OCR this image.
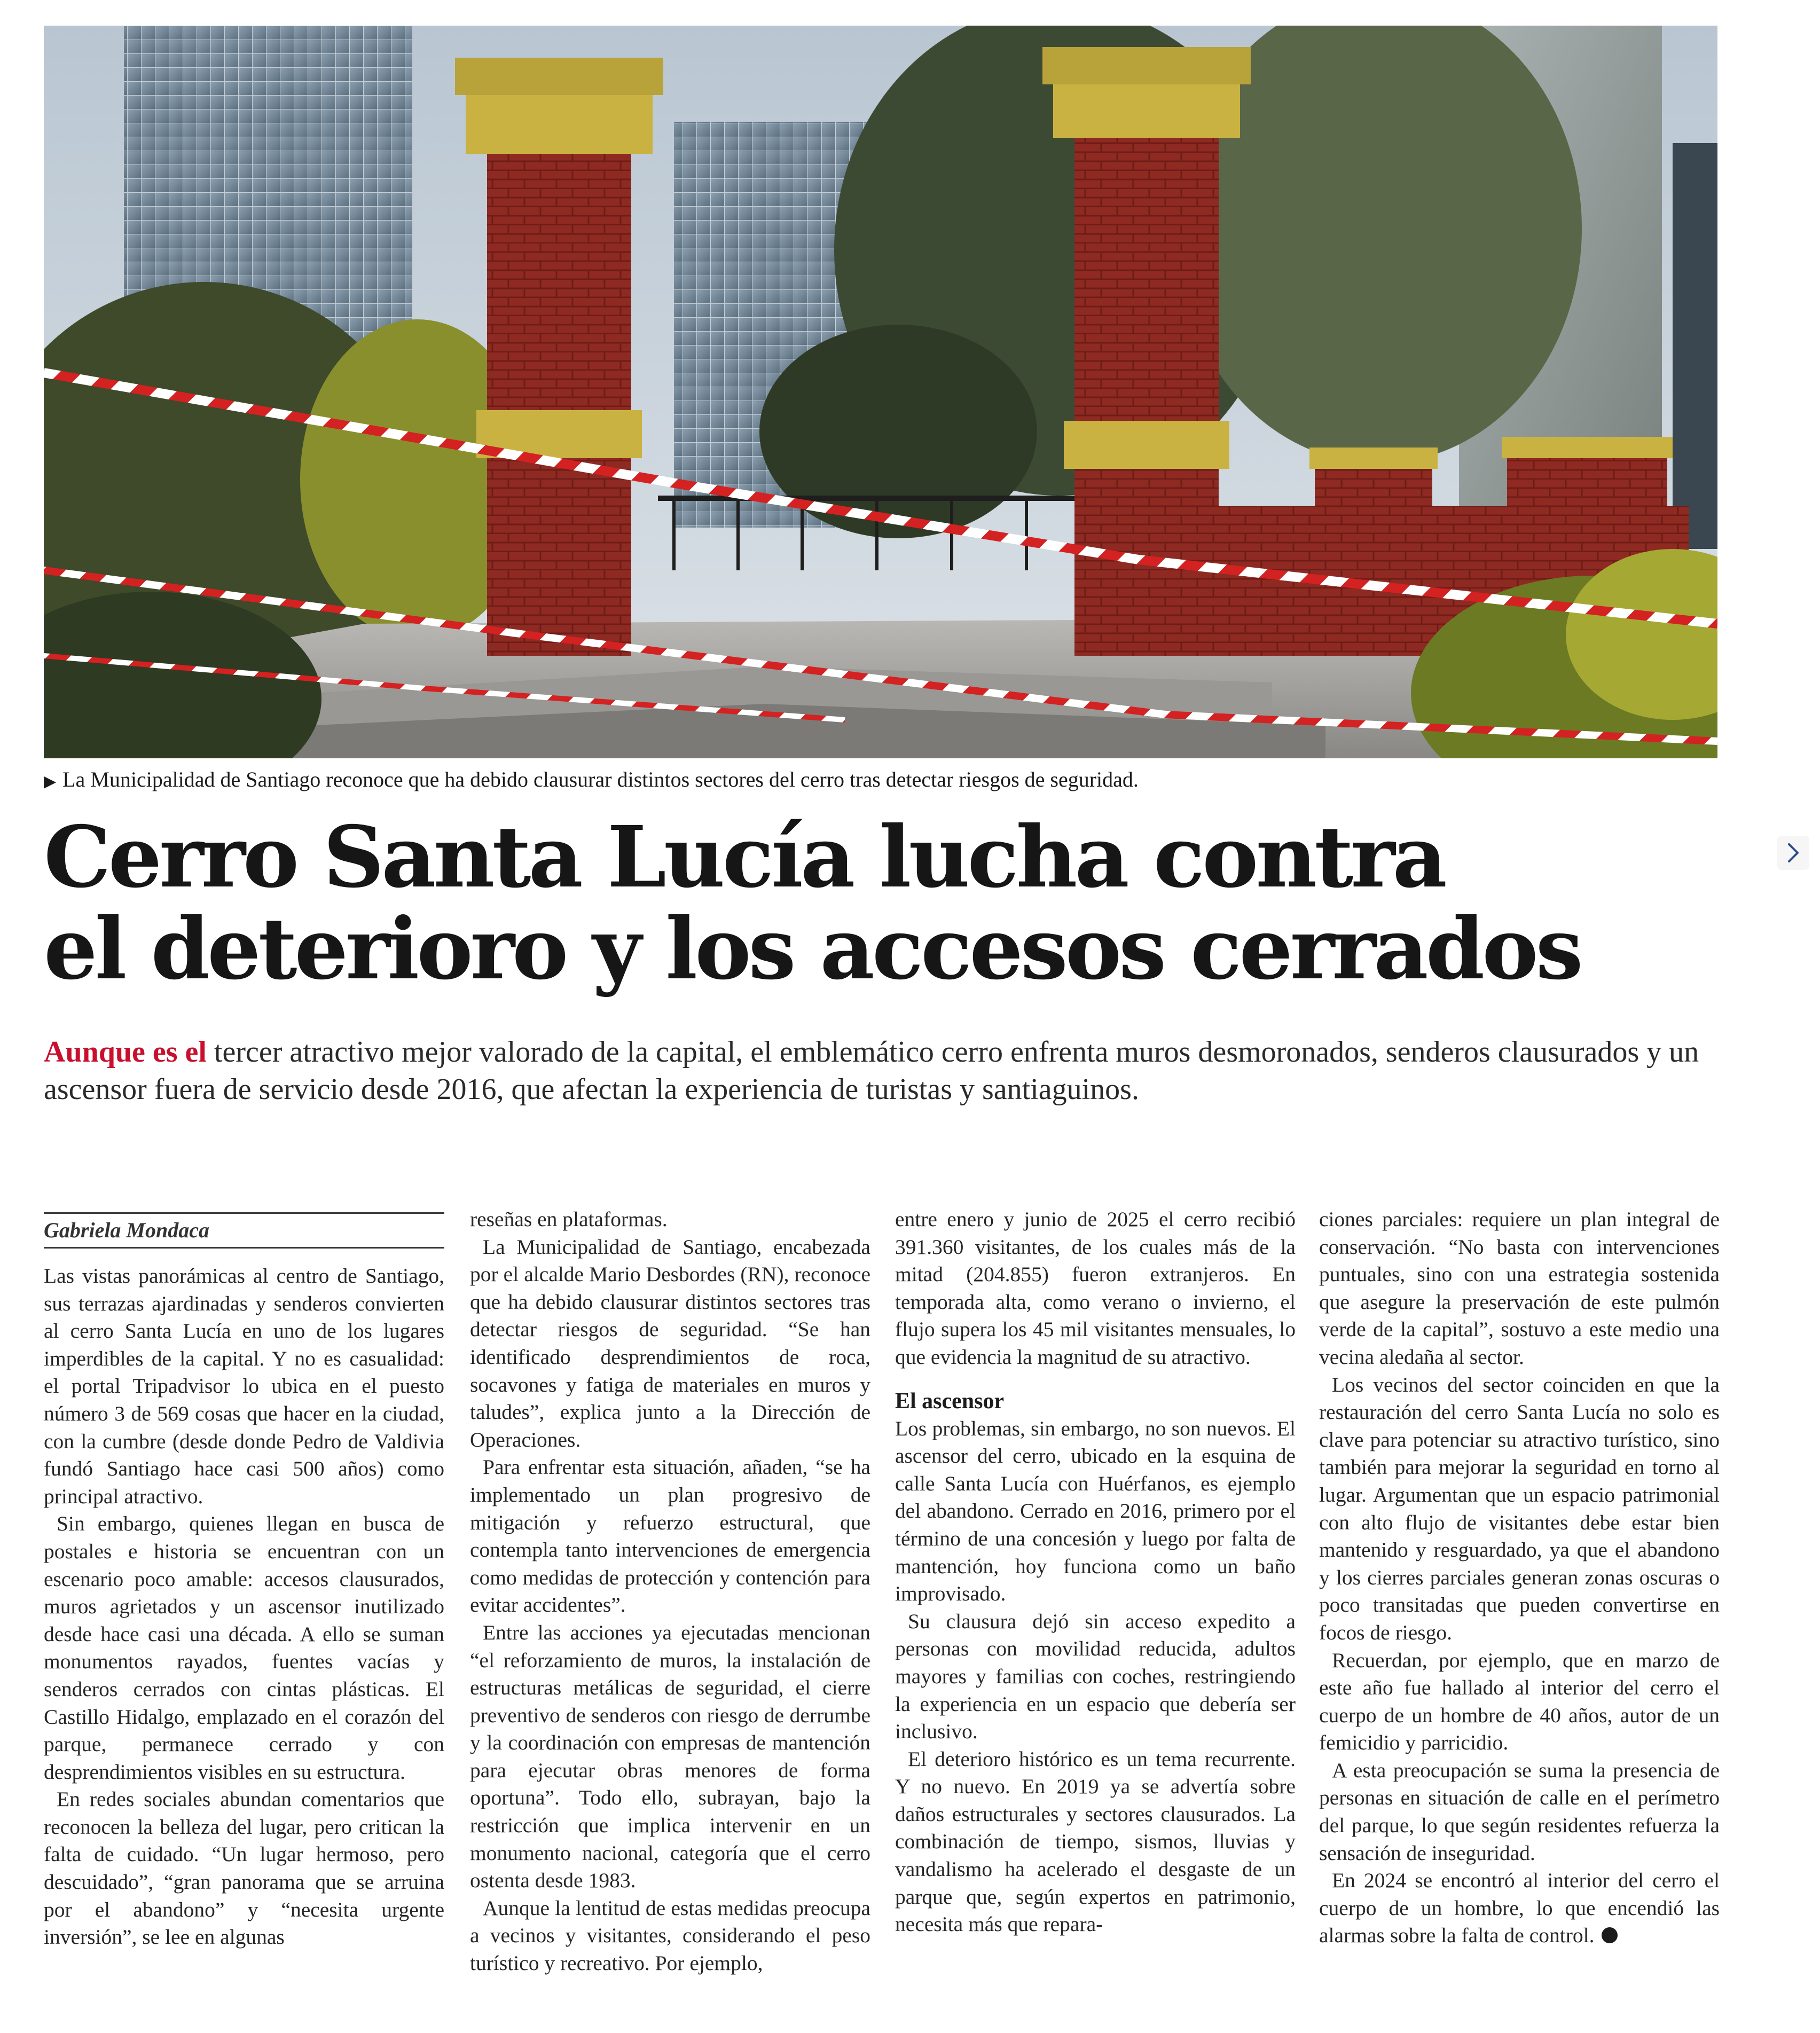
▶ La Municipalidad de Santiago reconoce que ha debido clausurar distintos sectores del cerro tras detectar riesgos de seguridad.
Cerro Santa Lucía lucha contra
el deterioro y los accesos cerrados
Aunque es el tercer atractivo mejor valorado de la capital, el emblemático cerro enfrenta muros desmoronados, senderos clausurados y un ascensor fuera de servicio desde 2016, que afectan la experiencia de turistas y santiaguinos.
Gabriela Mondaca

Las vistas panorámicas al centro de Santiago, sus terrazas ajardinadas y senderos convierten al cerro Santa Lucía en uno de los lugares imperdibles de la capital. Y no es casualidad: el portal Tripadvisor lo ubica en el puesto número 3 de 569 cosas que hacer en la ciudad, con la cumbre (desde donde Pedro de Valdivia fundó Santiago hace casi 500 años) como principal atractivo.

Sin embargo, quienes llegan en busca de postales e historia se encuentran con un escenario poco amable: accesos clausurados, muros agrietados y un ascensor inutilizado desde hace casi una década. A ello se suman monumentos rayados, fuentes vacías y senderos cerrados con cintas plásticas. El Castillo Hidalgo, emplazado en el corazón del parque, permanece cerrado y con desprendimientos visibles en su estructura.

En redes sociales abundan comentarios que reconocen la belleza del lugar, pero critican la falta de cuidado. “Un lugar hermoso, pero descuidado”, “gran panorama que se arruina por el abandono” y “necesita urgente inversión”, se lee en algunas

reseñas en plataformas.

La Municipalidad de Santiago, encabezada por el alcalde Mario Desbordes (RN), reconoce que ha debido clausurar distintos sectores tras detectar riesgos de seguridad. “Se han identificado desprendimientos de roca, socavones y fatiga de materiales en muros y taludes”, explica junto a la Dirección de Operaciones.

Para enfrentar esta situación, añaden, “se ha implementado un plan progresivo de mitigación y refuerzo estructural, que contempla tanto intervenciones de emergencia como medidas de protección y contención para evitar accidentes”.

Entre las acciones ya ejecutadas mencionan “el reforzamiento de muros, la instalación de estructuras metálicas de seguridad, el cierre preventivo de senderos con riesgo de derrumbe y la coordinación con empresas de mantención para ejecutar obras menores de forma oportuna”. Todo ello, subrayan, bajo la restricción que implica intervenir en un monumento nacional, categoría que el cerro ostenta desde 1983.

Aunque la lentitud de estas medidas preocupa a vecinos y visitantes, considerando el peso turístico y recreativo. Por ejemplo,

entre enero y junio de 2025 el cerro recibió 391.360 visitantes, de los cuales más de la mitad (204.855) fueron extranjeros. En temporada alta, como verano o invierno, el flujo supera los 45 mil visitantes mensuales, lo que evidencia la magnitud de su atractivo.

El ascensor

Los problemas, sin embargo, no son nuevos. El ascensor del cerro, ubicado en la esquina de calle Santa Lucía con Huérfanos, es ejemplo del abandono. Cerrado en 2016, primero por el término de una concesión y luego por falta de mantención, hoy funciona como un baño improvisado.

Su clausura dejó sin acceso expedito a personas con movilidad reducida, adultos mayores y familias con coches, restringiendo la experiencia en un espacio que debería ser inclusivo.

El deterioro histórico es un tema recurrente. Y no nuevo. En 2019 ya se advertía sobre daños estructurales y sectores clausurados. La combinación de tiempo, sismos, lluvias y vandalismo ha acelerado el desgaste de un parque que, según expertos en patrimonio, necesita más que repara-

ciones parciales: requiere un plan integral de conservación. “No basta con intervenciones puntuales, sino con una estrategia sostenida que asegure la preservación de este pulmón verde de la capital”, sostuvo a este medio una vecina aledaña al sector.

Los vecinos del sector coinciden en que la restauración del cerro Santa Lucía no solo es clave para potenciar su atractivo turístico, sino también para mejorar la seguridad en torno al lugar. Argumentan que un espacio patrimonial con alto flujo de visitantes debe estar bien mantenido y resguardado, ya que el abandono y los cierres parciales generan zonas oscuras o poco transitadas que pueden convertirse en focos de riesgo.

Recuerdan, por ejemplo, que en marzo de este año fue hallado al interior del cerro el cuerpo de un hombre de 40 años, autor de un femicidio y parricidio.

A esta preocupación se suma la presencia de personas en situación de calle en el perímetro del parque, lo que según residentes refuerza la sensación de inseguridad.

En 2024 se encontró al interior del cerro el cuerpo de un hombre, lo que encendió las alarmas sobre la falta de control.
